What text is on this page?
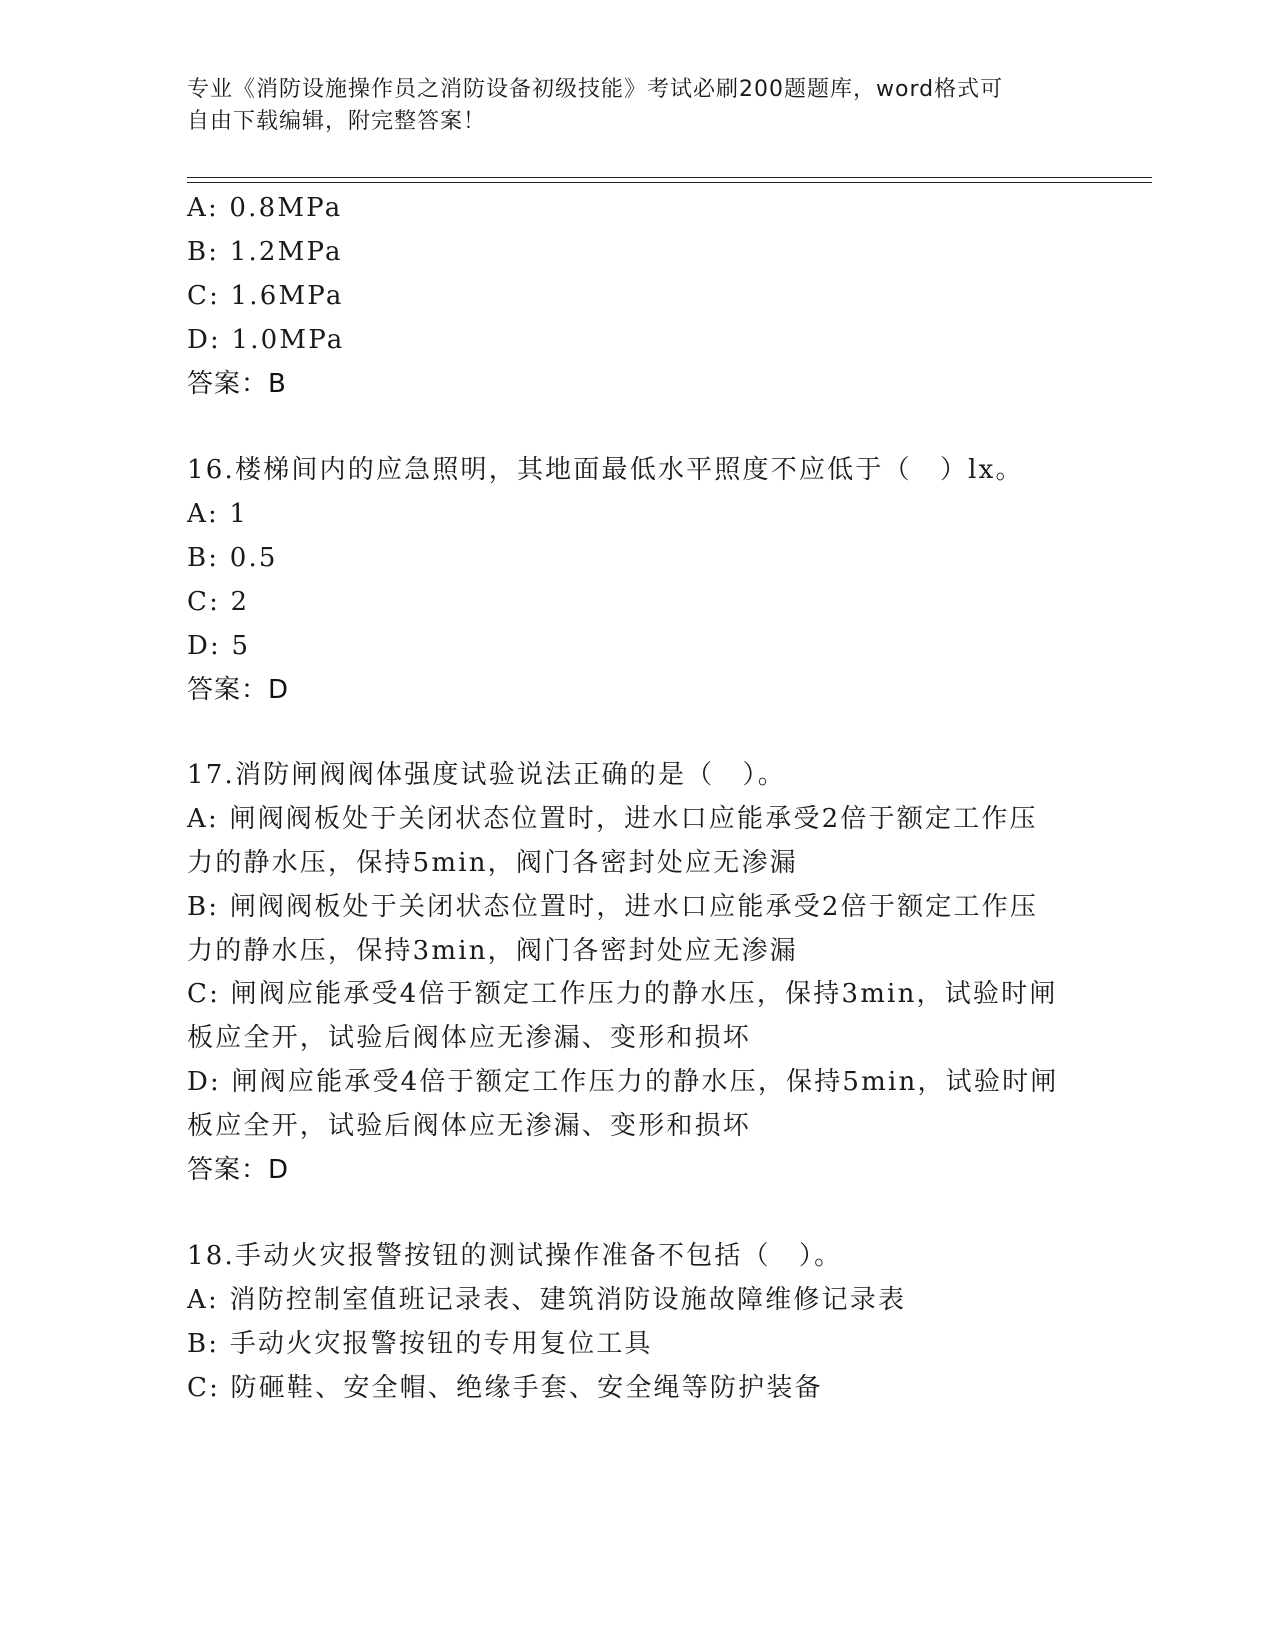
专业《消防设施操作员之消防设备初级技能》考试必刷200题题库，word格式可
自由下载编辑，附完整答案！
A: 0.8MPa
B: 1.2MPa
C: 1.6MPa
D: 1.0MPa
答案：B
16.楼梯间内的应急照明，其地面最低水平照度不应低于（　）lx。
A: 1
B: 0.5
C: 2
D: 5
答案：D
17.消防闸阀阀体强度试验说法正确的是（　）。
A: 闸阀阀板处于关闭状态位置时，进水口应能承受2倍于额定工作压
力的静水压，保持5min，阀门各密封处应无渗漏
B: 闸阀阀板处于关闭状态位置时，进水口应能承受2倍于额定工作压
力的静水压，保持3min，阀门各密封处应无渗漏
C: 闸阀应能承受4倍于额定工作压力的静水压，保持3min，试验时闸
板应全开，试验后阀体应无渗漏、变形和损坏
D: 闸阀应能承受4倍于额定工作压力的静水压，保持5min，试验时闸
板应全开，试验后阀体应无渗漏、变形和损坏
答案：D
18.手动火灾报警按钮的测试操作准备不包括（　）。
A: 消防控制室值班记录表、建筑消防设施故障维修记录表
B: 手动火灾报警按钮的专用复位工具
C: 防砸鞋、安全帽、绝缘手套、安全绳等防护装备
